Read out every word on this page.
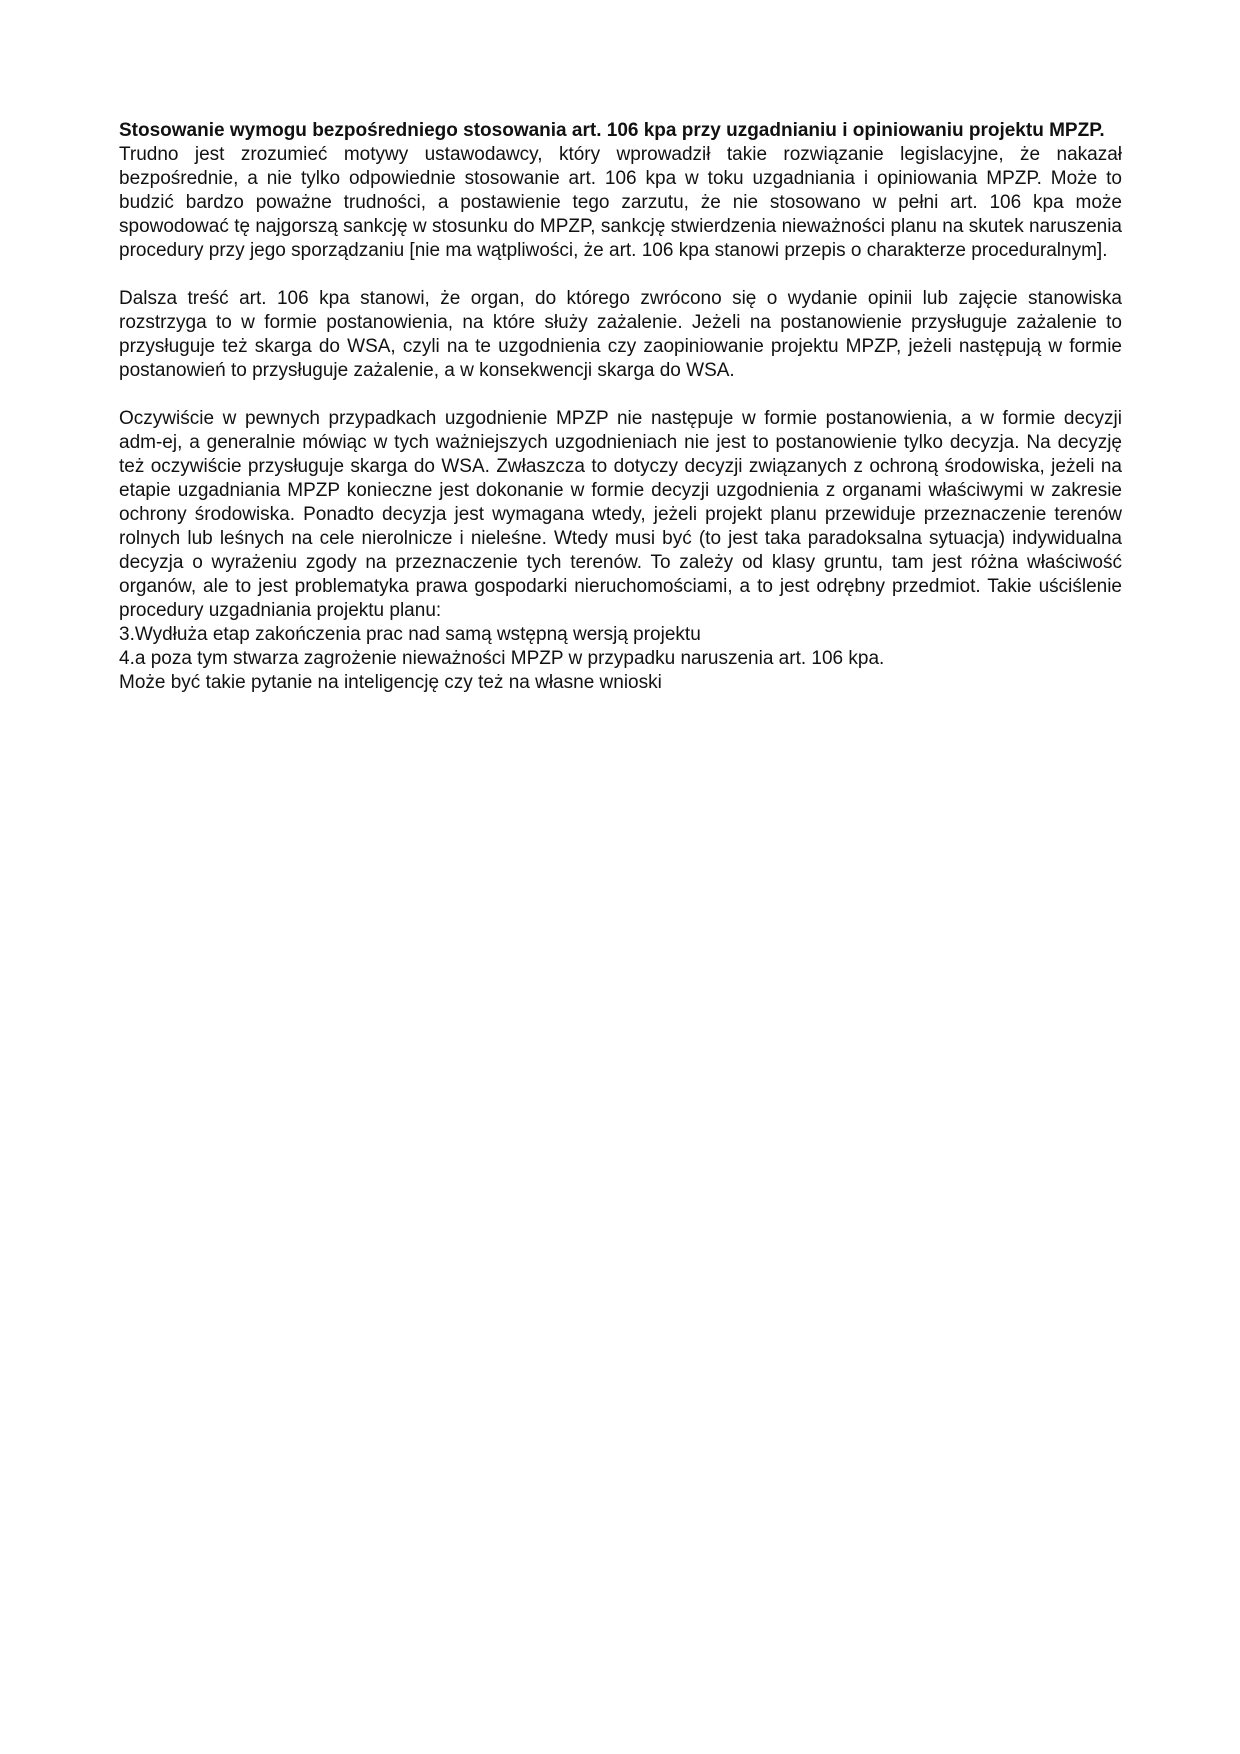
Stosowanie wymogu bezpośredniego stosowania art. 106 kpa przy uzgadnianiu i opiniowaniu projektu MPZP.

Trudno jest zrozumieć motywy ustawodawcy, który wprowadził takie rozwiązanie legislacyjne, że nakazał bezpośrednie, a nie tylko odpowiednie stosowanie art. 106 kpa w toku uzgadniania i opiniowania MPZP. Może to budzić bardzo poważne trudności, a postawienie tego zarzutu, że nie stosowano w pełni art. 106 kpa może spowodować tę najgorszą sankcję w stosunku do MPZP, sankcję stwierdzenia nieważności planu na skutek naruszenia procedury przy jego sporządzaniu [nie ma wątpliwości, że art. 106 kpa stanowi przepis o charakterze proceduralnym].

Dalsza treść art. 106 kpa stanowi, że organ, do którego zwrócono się o wydanie opinii lub zajęcie stanowiska rozstrzyga to w formie postanowienia, na które służy zażalenie. Jeżeli na postanowienie przysługuje zażalenie to przysługuje też skarga do WSA, czyli na te uzgodnienia czy zaopiniowanie projektu MPZP, jeżeli następują w formie postanowień to przysługuje zażalenie, a w konsekwencji skarga do WSA.

Oczywiście w pewnych przypadkach uzgodnienie MPZP nie następuje w formie postanowienia, a w formie decyzji adm-ej, a generalnie mówiąc w tych ważniejszych uzgodnieniach nie jest to postanowienie tylko decyzja. Na decyzję też oczywiście przysługuje skarga do WSA. Zwłaszcza to dotyczy decyzji związanych z ochroną środowiska, jeżeli na etapie uzgadniania MPZP konieczne jest dokonanie w formie decyzji uzgodnienia z organami właściwymi w zakresie ochrony środowiska. Ponadto decyzja jest wymagana wtedy, jeżeli projekt planu przewiduje przeznaczenie terenów rolnych lub leśnych na cele nierolnicze i nieleśne. Wtedy musi być (to jest taka paradoksalna sytuacja) indywidualna decyzja o wyrażeniu zgody na przeznaczenie tych terenów. To zależy od klasy gruntu, tam jest różna właściwość organów, ale to jest problematyka prawa gospodarki nieruchomościami, a to jest odrębny przedmiot. Takie uściślenie procedury uzgadniania projektu planu:

3.Wydłuża etap zakończenia prac nad samą wstępną wersją projektu

4.a poza tym stwarza zagrożenie nieważności MPZP w przypadku naruszenia art. 106 kpa.

Może być takie pytanie na inteligencję czy też na własne wnioski
